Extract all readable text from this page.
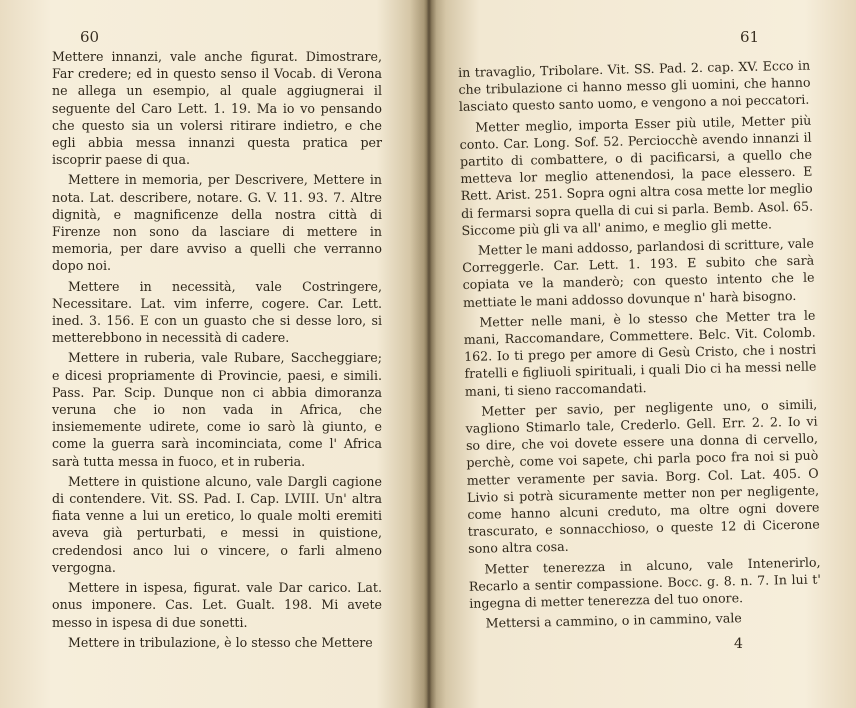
60

Mettere innanzi, vale anche figurat. Dimostrare, Far credere; ed in questo senso il Vocab. di Verona ne allega un esempio, al quale aggiugnerai il seguente del Caro Lett. 1. 19. Ma io vo pensando che questo sia un volersi ritirare indietro, e che egli abbia messa innanzi questa pratica per iscoprir paese di qua.

Mettere in memoria, per Descrivere, Mettere in nota. Lat. describere, notare. G. V. 11. 93. 7. Altre dignità, e magnificenze della nostra città di Firenze non sono da lasciare di mettere in memoria, per dare avviso a quelli che verranno dopo noi.

Mettere in necessità, vale Costringere, Necessitare. Lat. vim inferre, cogere. Car. Lett. ined. 3. 156. E con un guasto che si desse loro, si metterebbono in necessità di cadere.

Mettere in ruberia, vale Rubare, Saccheggiare; e dicesi propriamente di Provincie, paesi, e simili. Pass. Par. Scip. Dunque non ci abbia dimoranza veruna che io non vada in Africa, che insiememente udirete, come io sarò là giunto, e come la guerra sarà incominciata, come l' Africa sarà tutta messa in fuoco, et in ruberia.

Mettere in quistione alcuno, vale Dargli cagione di contendere. Vit. SS. Pad. I. Cap. LVIII. Un' altra fiata venne a lui un eretico, lo quale molti eremiti aveva già perturbati, e messi in quistione, credendosi anco lui o vincere, o farli almeno vergogna.

Mettere in ispesa, figurat. vale Dar carico. Lat. onus imponere. Cas. Let. Gualt. 198. Mi avete messo in ispesa di due sonetti.

Mettere in tribulazione, è lo stesso che Mettere

61

in travaglio, Tribolare. Vit. SS. Pad. 2. cap. XV. Ecco in che tribulazione ci hanno messo gli uomini, che hanno lasciato questo santo uomo, e vengono a noi peccatori.

Metter meglio, importa Esser più utile, Metter più conto. Car. Long. Sof. 52. Perciocchè avendo innanzi il partito di combattere, o di pacificarsi, a quello che metteva lor meglio attenendosi, la pace elessero. E Rett. Arist. 251. Sopra ogni altra cosa mette lor meglio di fermarsi sopra quella di cui si parla. Bemb. Asol. 65. Siccome più gli va all' animo, e meglio gli mette.

Metter le mani addosso, parlandosi di scritture, vale Correggerle. Car. Lett. 1. 193. E subito che sarà copiata ve la manderò; con questo intento che le mettiate le mani addosso dovunque n' harà bisogno.

Metter nelle mani, è lo stesso che Metter tra le mani, Raccomandare, Commettere. Belc. Vit. Colomb. 162. Io ti prego per amore di Gesù Cristo, che i nostri fratelli e figliuoli spirituali, i quali Dio ci ha messi nelle mani, ti sieno raccomandati.

Metter per savio, per negligente uno, o simili, vagliono Stimarlo tale, Crederlo. Gell. Err. 2. 2. Io vi so dire, che voi dovete essere una donna di cervello, perchè, come voi sapete, chi parla poco fra noi si può metter veramente per savia. Borg. Col. Lat. 405. O Livio si potrà sicuramente metter non per negligente, come hanno alcuni creduto, ma oltre ogni dovere trascurato, e sonnacchioso, o queste 12 di Cicerone sono altra cosa.

Metter tenerezza in alcuno, vale Intenerirlo, Recarlo a sentir compassione. Bocc. g. 8. n. 7. In lui t' ingegna di metter tenerezza del tuo onore.

Mettersi a cammino, o in cammino, vale

4
